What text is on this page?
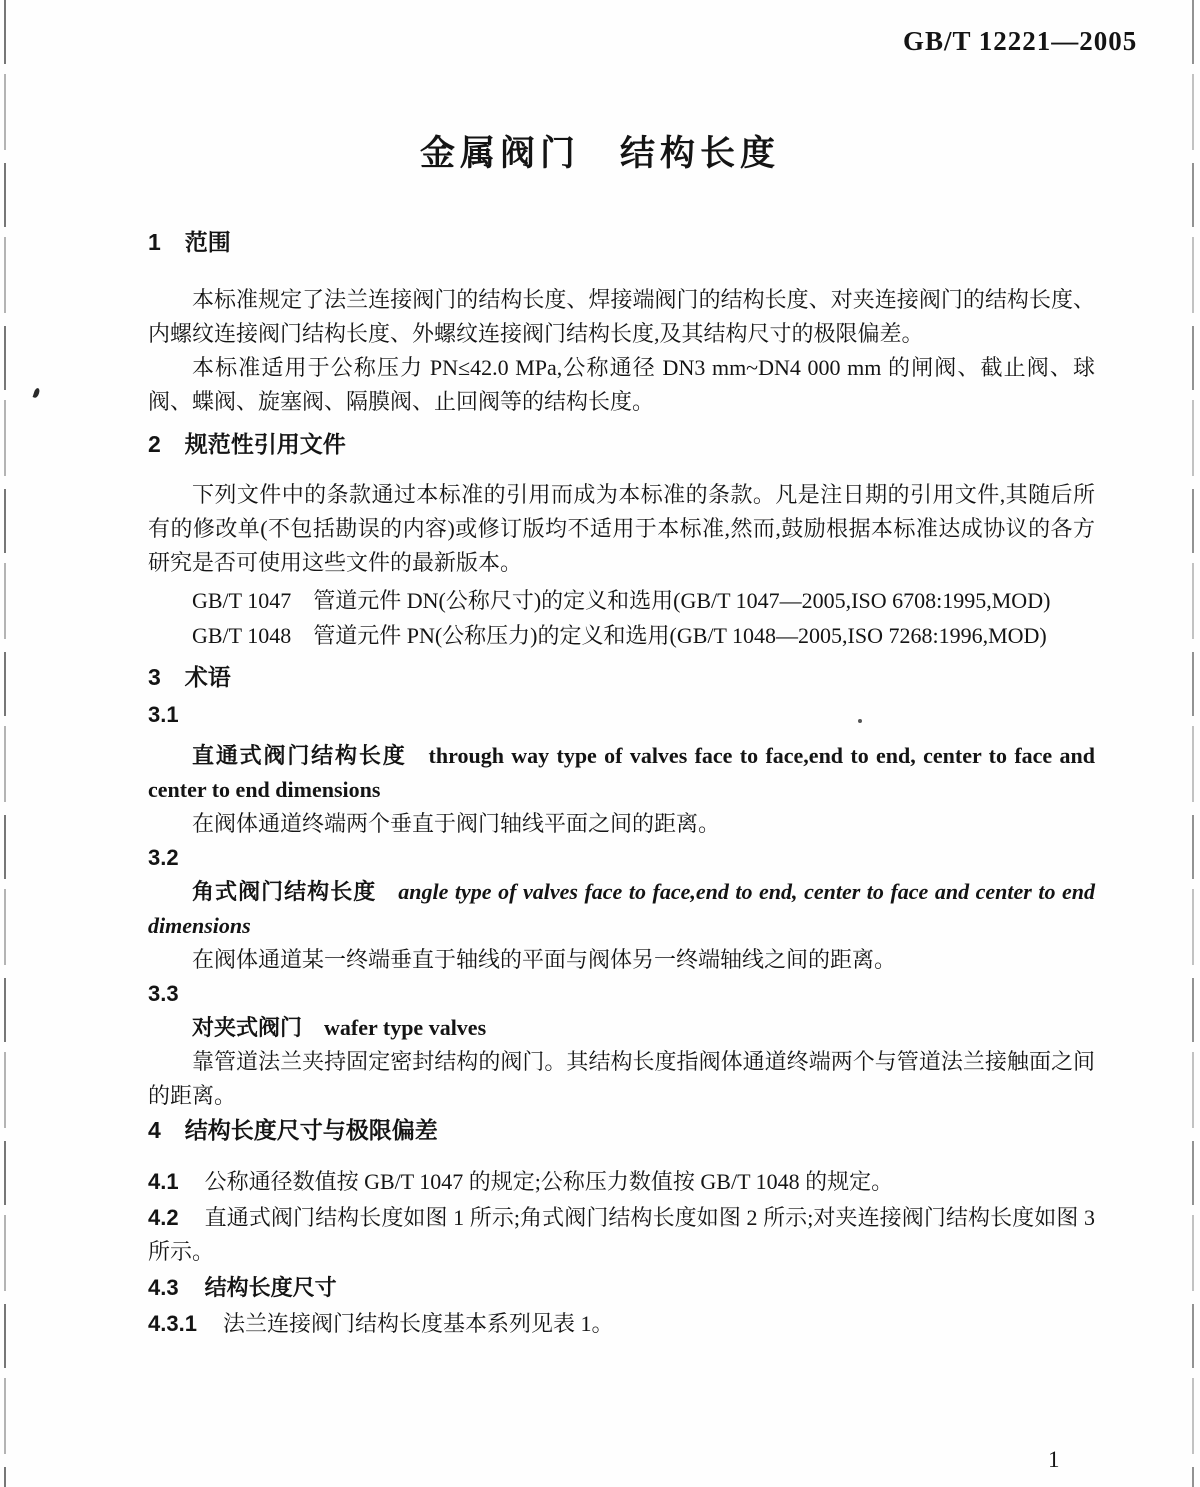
GB/T 12221—2005
金属阀门　结构长度

1 范围

本标准规定了法兰连接阀门的结构长度、焊接端阀门的结构长度、对夹连接阀门的结构长度、内螺纹连接阀门结构长度、外螺纹连接阀门结构长度,及其结构尺寸的极限偏差。

本标准适用于公称压力 PN≤42.0 MPa,公称通径 DN3 mm~DN4 000 mm 的闸阀、截止阀、球阀、蝶阀、旋塞阀、隔膜阀、止回阀等的结构长度。

2 规范性引用文件

下列文件中的条款通过本标准的引用而成为本标准的条款。凡是注日期的引用文件,其随后所有的修改单(不包括勘误的内容)或修订版均不适用于本标准,然而,鼓励根据本标准达成协议的各方研究是否可使用这些文件的最新版本。

GB/T 1047　管道元件 DN(公称尺寸)的定义和选用(GB/T 1047—2005,ISO 6708:1995,MOD)

GB/T 1048　管道元件 PN(公称压力)的定义和选用(GB/T 1048—2005,ISO 7268:1996,MOD)

3 术语

3.1

直通式阀门结构长度 through way type of valves face to face,end to end, center to face and center to end dimensions

在阀体通道终端两个垂直于阀门轴线平面之间的距离。

3.2

角式阀门结构长度 angle type of valves face to face,end to end, center to face and center to end dimensions

在阀体通道某一终端垂直于轴线的平面与阀体另一终端轴线之间的距离。

3.3

对夹式阀门 wafer type valves

靠管道法兰夹持固定密封结构的阀门。其结构长度指阀体通道终端两个与管道法兰接触面之间的距离。

4 结构长度尺寸与极限偏差

4.1 公称通径数值按 GB/T 1047 的规定;公称压力数值按 GB/T 1048 的规定。

4.2 直通式阀门结构长度如图 1 所示;角式阀门结构长度如图 2 所示;对夹连接阀门结构长度如图 3 所示。

4.3 结构长度尺寸

4.3.1 法兰连接阀门结构长度基本系列见表 1。

1
